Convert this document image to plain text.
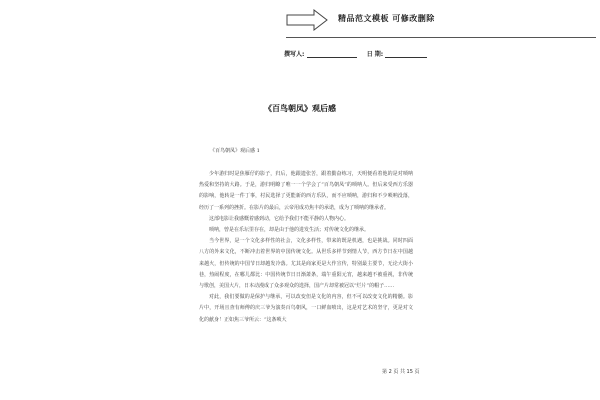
精品范文模板 可修改删除
撰写人:	日 期:
《百鸟朝凤》观后感
《百鸟朝凤》观后感 1

少年游归时是焦雁仔的影子，归后，他跟遗张苦，跟着勤奋练习，天明便看着他的是对唢呐热爱和坚持的大路。于是，游归明瞭了唯一一个学会了“百鸟朝凤”的唢呐人。但后来受西方乐器的影响，他转是一件丁事，村民选择了更能新的西方乐队，而不应唢呐，游归和不少唢呐没落，经历了一系列的挫折。在影片的最后，云帝用成功焦丰的承诺，成为了唢呐的继承者。

这部电影让我感慨着感到动，它给予我们不能平静的人物内心。

唢呐，曾是在乐坛里存在，却是由于他的进发生活；对传统文化的继承。

当今世界，是一个文化多样性的社会，文化多样性，带来的既是机遇，也是挑战。同时四面八方的外来文化，不断冲击着世界的中国传统文化。从世乐多样节到情人节，西方节日在中国越来越火，但传统的中国节日却越发冷落。尤其是商家更是大作宣传，特别最主要节，无论大街小巷，热闹程度，在哪儿都比：中国传统节日日渐萧条，端午重阳元宵，越来越不被重视，非传统与歌创，美国大片，日本动漫成了众多观众的选择，国产片却常被冠以“烂片”的帽子……

对此，我们要做的是保护与继承，可以改变但是文化的内容，但不可以改变文化的精髓。影片中，开场且查有师傅的庆三爷为演奏百鸟朝风，一口鲜血喷出，这是对艺术的坚守，更是对文化的献身！正如焦三爷所云：“这条唢大

第 2 页 共 15 页
